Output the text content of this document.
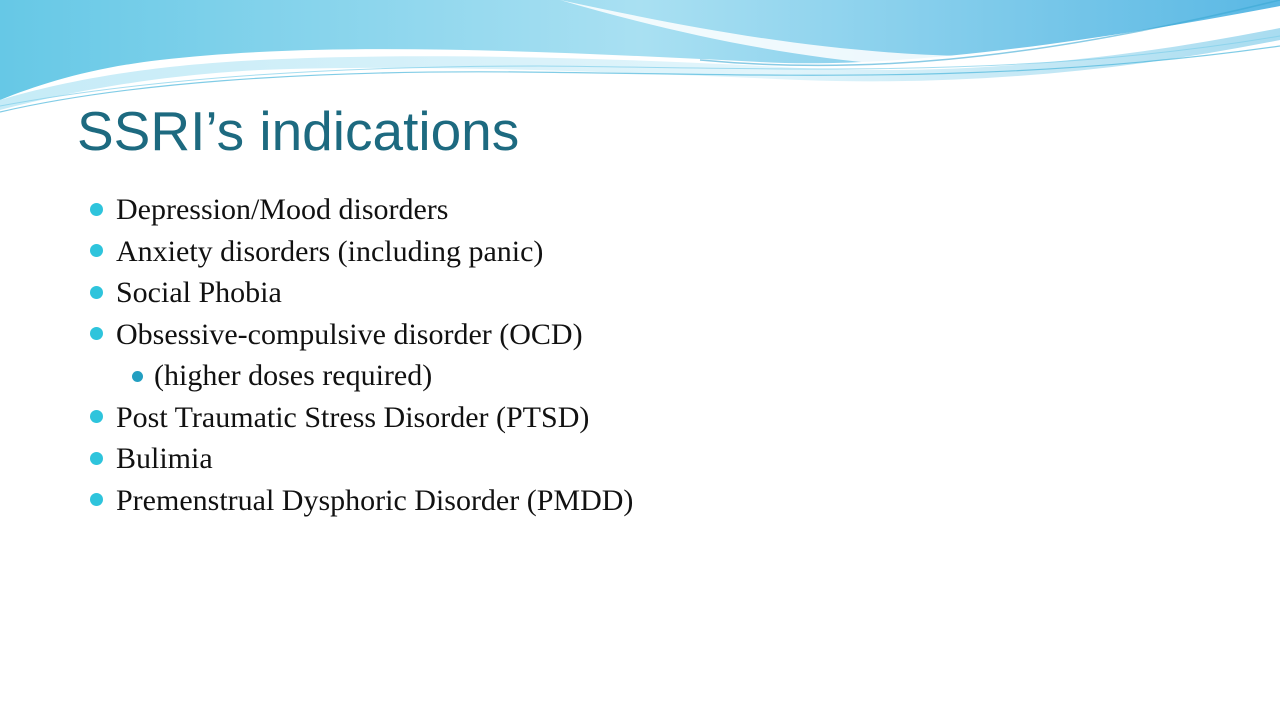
SSRI’s indications
Depression/Mood disorders
Anxiety disorders (including panic)
Social Phobia
Obsessive-compulsive disorder (OCD)
(higher doses required)
Post Traumatic Stress Disorder (PTSD)
Bulimia
Premenstrual Dysphoric Disorder (PMDD)
